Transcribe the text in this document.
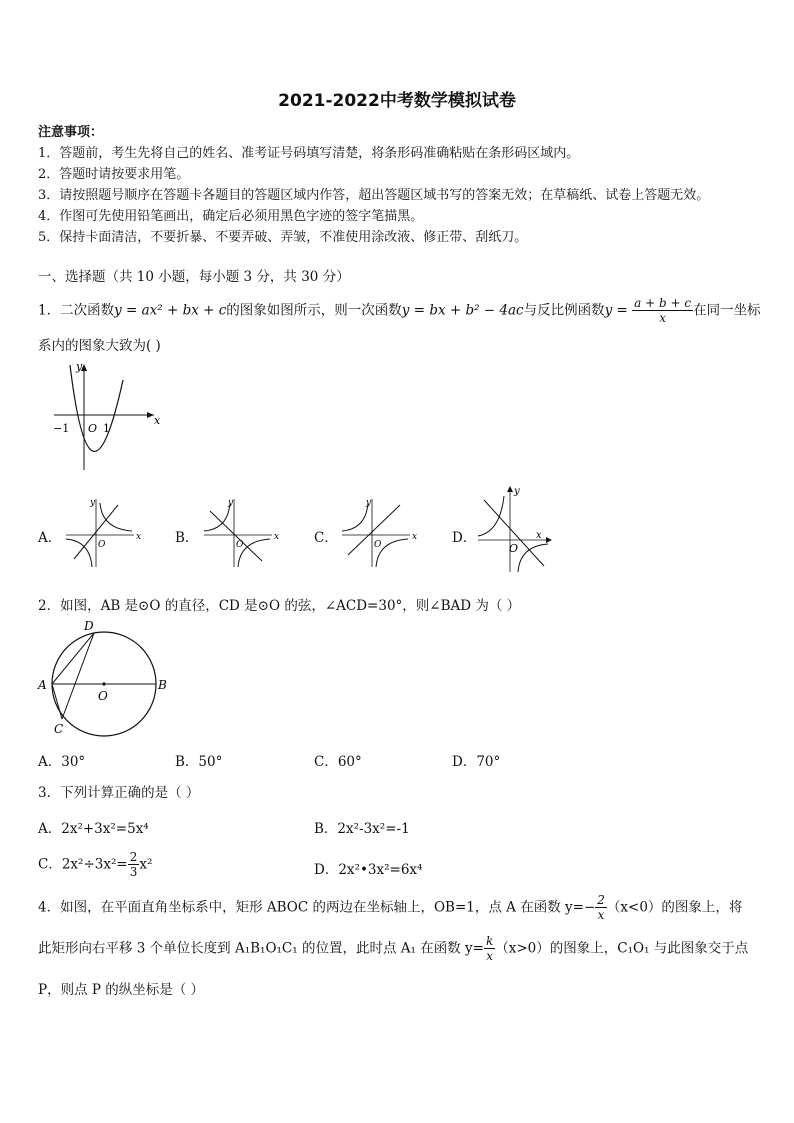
2021-2022中考数学模拟试卷
注意事项：
1．答题前，考生先将自己的姓名、准考证号码填写清楚，将条形码准确粘贴在条形码区域内。
2．答题时请按要求用笔。
3．请按照题号顺序在答题卡各题目的答题区域内作答，超出答题区域书写的答案无效；在草稿纸、试卷上答题无效。
4．作图可先使用铅笔画出，确定后必须用黑色字迹的签字笔描黑。
5．保持卡面清洁，不要折暴、不要弄破、弄皱，不准使用涂改液、修正带、刮纸刀。
一、选择题（共 10 小题，每小题 3 分，共 30 分）
1．二次函数y = ax² + bx + c的图象如图所示，则一次函数y = bx + b² − 4ac与反比例函数$y = \frac{a + b + c}{x}$ 在同一坐标
系内的图象大致为( )
y
x
O
−1	1
A．
y
x
O	B．
y
x
O	C．
y
x
O	D．
y
x
O
2．如图，AB 是⊙O 的直径，CD 是⊙O 的弦，∠ACD=30°，则∠BAD 为（ ）
A	B
C
D
O
A．30°	B．50°	C．60°	D．70°
3．下列计算正确的是（ ）
A．2x²+3x²=5x⁴	B．2x²-3x²=-1
C．$2x^2\div 3x^2= \frac{2}{3} x^2$	D．2x²•3x²=6x⁴
4．如图，在平面直角坐标系中，矩形 ABOC 的两边在坐标轴上，OB=1，点 A 在函数 $y=- \frac{2}{x} (x<0)$的图象上，将
此矩形向右平移 3 个单位长度到 A₁B₁O₁C₁ 的位置，此时点 A₁ 在函数 $y= \frac{k}{x} (x>0)$的图象上，C₁O₁ 与此图象交于点
P，则点 P 的纵坐标是（ ）
